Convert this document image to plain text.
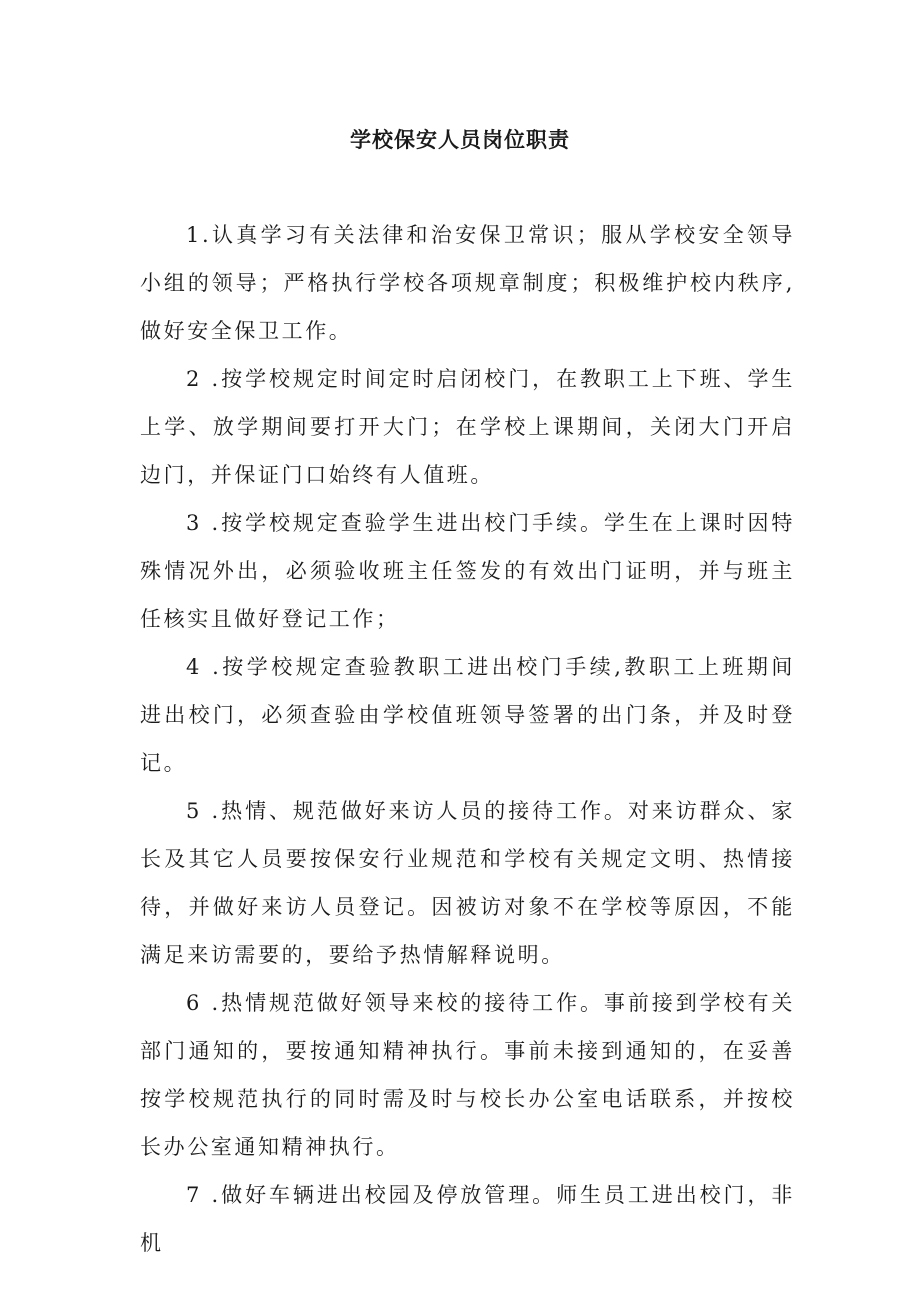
学校保安人员岗位职责

1.认真学习有关法律和治安保卫常识；服从学校安全领导小组的领导；严格执行学校各项规章制度；积极维护校内秩序,做好安全保卫工作。

2 .按学校规定时间定时启闭校门，在教职工上下班、学生上学、放学期间要打开大门；在学校上课期间，关闭大门开启边门，并保证门口始终有人值班。

3 .按学校规定查验学生进出校门手续。学生在上课时因特殊情况外出，必须验收班主任签发的有效出门证明，并与班主任核实且做好登记工作；

4 .按学校规定查验教职工进出校门手续,教职工上班期间进出校门，必须查验由学校值班领导签署的出门条，并及时登记。

5 .热情、规范做好来访人员的接待工作。对来访群众、家长及其它人员要按保安行业规范和学校有关规定文明、热情接待，并做好来访人员登记。因被访对象不在学校等原因，不能满足来访需要的，要给予热情解释说明。

6 .热情规范做好领导来校的接待工作。事前接到学校有关部门通知的，要按通知精神执行。事前未接到通知的，在妥善按学校规范执行的同时需及时与校长办公室电话联系，并按校长办公室通知精神执行。

7 .做好车辆进出校园及停放管理。师生员工进出校门，非机
